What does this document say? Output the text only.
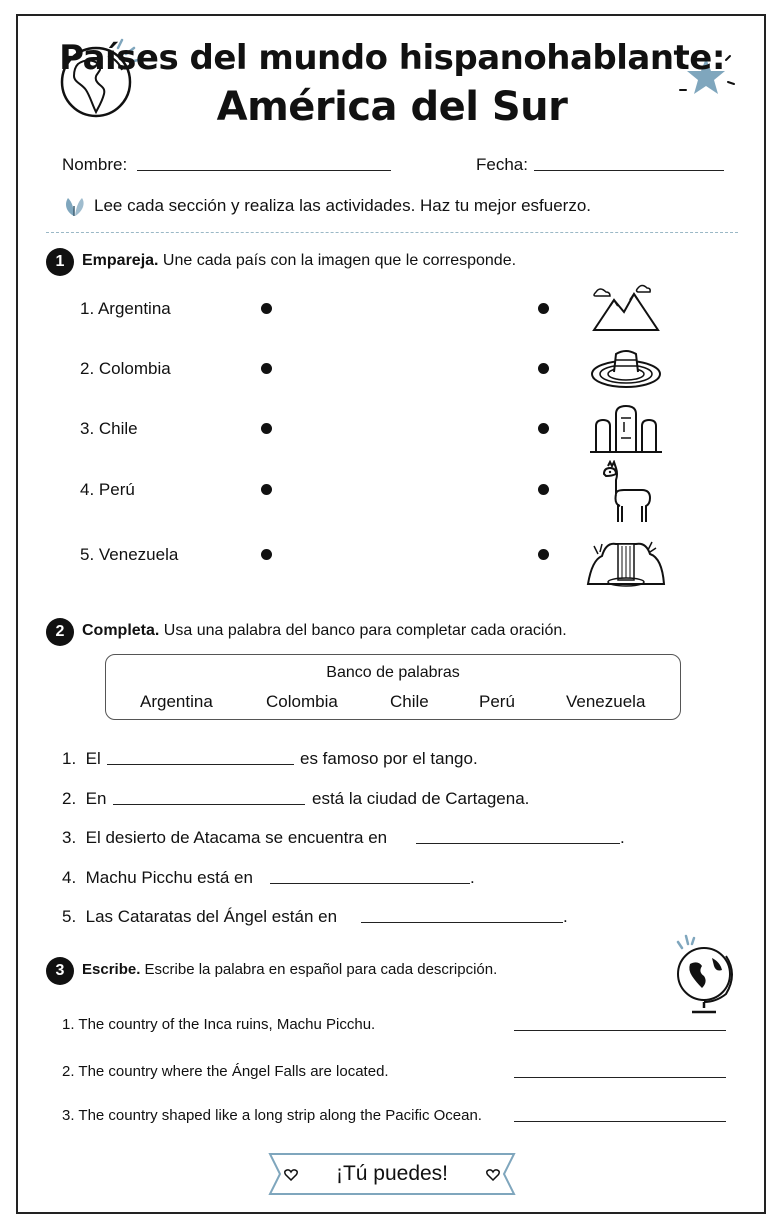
Países del mundo hispanohablante:
América del Sur
Nombre:	Fecha:
Lee cada sección y realiza las actividades. Haz tu mejor esfuerzo.
1	Empareja. Une cada país con la imagen que le corresponde.
1. Argentina
2. Colombia
3. Chile
4. Perú
5. Venezuela
2	Completa. Usa una palabra del banco para completar cada oración.
Banco de palabras
Argentina	Colombia	Chile	Perú	Venezuela
1. El	es famoso por el tango.
2. En	está la ciudad de Cartagena.
3. El desierto de Atacama se encuentra en	.
4. Machu Picchu está en	.
5. Las Cataratas del Ángel están en	.
3	Escribe. Escribe la palabra en español para cada descripción.
1. The country of the Inca ruins, Machu Picchu.
2. The country where the Ángel Falls are located.
3. The country shaped like a long strip along the Pacific Ocean.
¡Tú puedes!
